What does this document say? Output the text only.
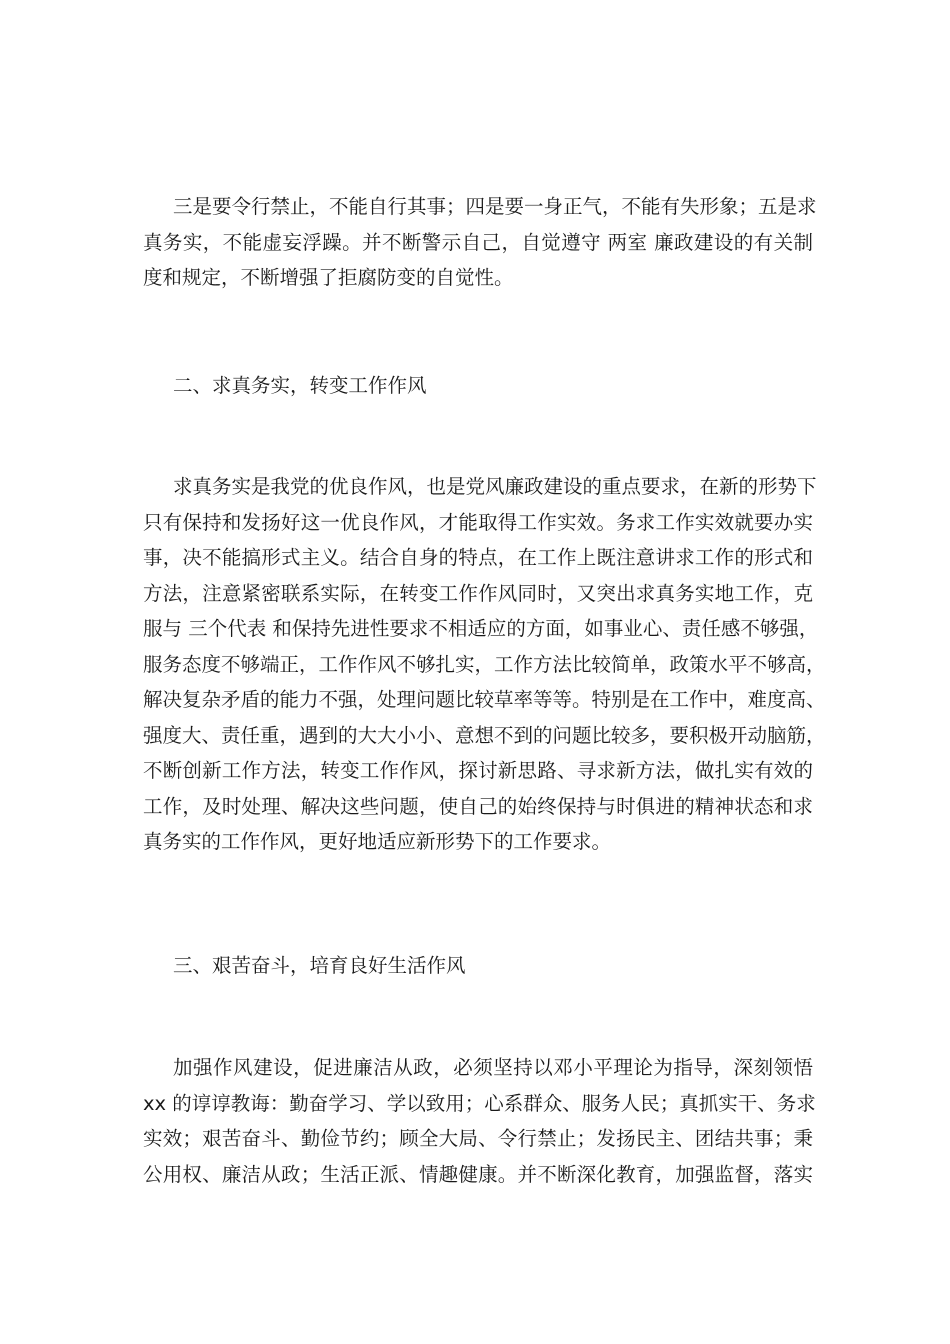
三是要令行禁止，不能自行其事；四是要一身正气，不能有失形象；五是求
真务实，不能虚妄浮躁。并不断警示自己，自觉遵守 两室 廉政建设的有关制
度和规定，不断增强了拒腐防变的自觉性。
二、求真务实，转变工作作风
求真务实是我党的优良作风，也是党风廉政建设的重点要求，在新的形势下
只有保持和发扬好这一优良作风，才能取得工作实效。务求工作实效就要办实
事，决不能搞形式主义。结合自身的特点，在工作上既注意讲求工作的形式和
方法，注意紧密联系实际，在转变工作作风同时，又突出求真务实地工作，克
服与 三个代表 和保持先进性要求不相适应的方面，如事业心、责任感不够强，
服务态度不够端正，工作作风不够扎实，工作方法比较简单，政策水平不够高，
解决复杂矛盾的能力不强，处理问题比较草率等等。特别是在工作中，难度高、
强度大、责任重，遇到的大大小小、意想不到的问题比较多，要积极开动脑筋，
不断创新工作方法，转变工作作风，探讨新思路、寻求新方法，做扎实有效的
工作，及时处理、解决这些问题，使自己的始终保持与时俱进的精神状态和求
真务实的工作作风，更好地适应新形势下的工作要求。
三、艰苦奋斗，培育良好生活作风
加强作风建设，促进廉洁从政，必须坚持以邓小平理论为指导，深刻领悟
xx 的谆谆教诲：勤奋学习、学以致用；心系群众、服务人民；真抓实干、务求
实效；艰苦奋斗、勤俭节约；顾全大局、令行禁止；发扬民主、团结共事；秉
公用权、廉洁从政；生活正派、情趣健康。并不断深化教育，加强监督，落实
